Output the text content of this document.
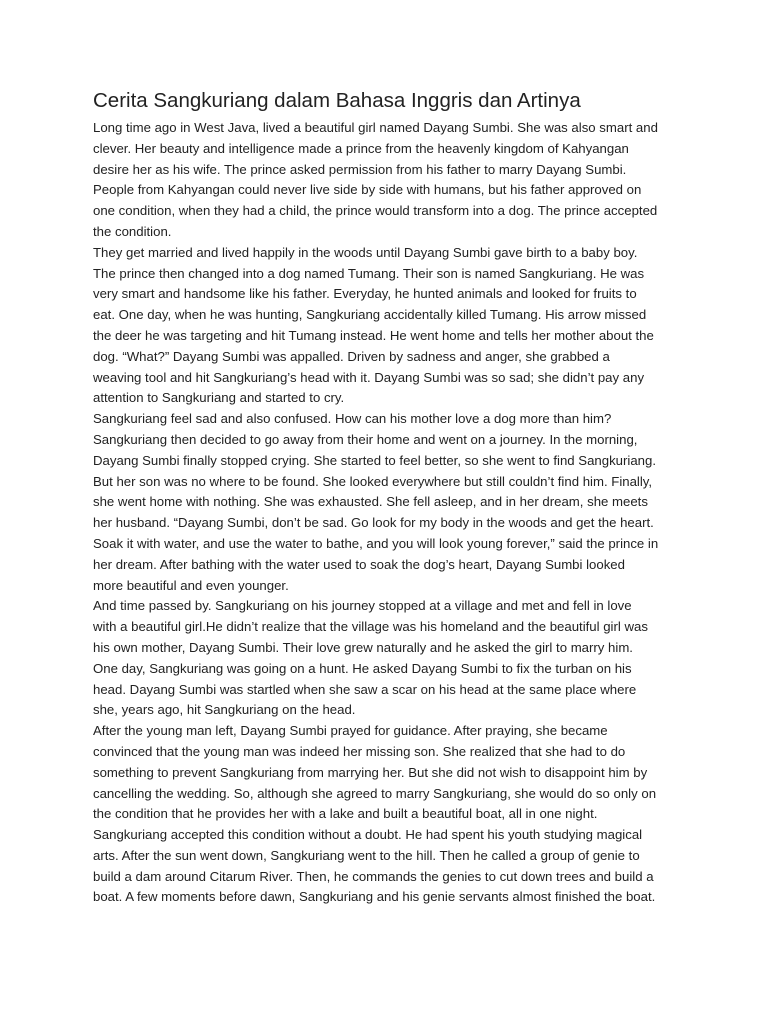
Cerita Sangkuriang dalam Bahasa Inggris dan Artinya
Long time ago in West Java, lived a beautiful girl named Dayang Sumbi. She was also smart and
clever. Her beauty and intelligence made a prince from the heavenly kingdom of Kahyangan
desire her as his wife. The prince asked permission from his father to marry Dayang Sumbi.
People from Kahyangan could never live side by side with humans, but his father approved on
one condition, when they had a child, the prince would transform into a dog. The prince accepted
the condition.
They get married and lived happily in the woods until Dayang Sumbi gave birth to a baby boy.
The prince then changed into a dog named Tumang. Their son is named Sangkuriang. He was
very smart and handsome like his father. Everyday, he hunted animals and looked for fruits to
eat. One day, when he was hunting, Sangkuriang accidentally killed Tumang. His arrow missed
the deer he was targeting and hit Tumang instead. He went home and tells her mother about the
dog. “What?” Dayang Sumbi was appalled. Driven by sadness and anger, she grabbed a
weaving tool and hit Sangkuriang’s head with it. Dayang Sumbi was so sad; she didn’t pay any
attention to Sangkuriang and started to cry.
Sangkuriang feel sad and also confused. How can his mother love a dog more than him?
Sangkuriang then decided to go away from their home and went on a journey. In the morning,
Dayang Sumbi finally stopped crying. She started to feel better, so she went to find Sangkuriang.
But her son was no where to be found. She looked everywhere but still couldn’t find him. Finally,
she went home with nothing. She was exhausted. She fell asleep, and in her dream, she meets
her husband. “Dayang Sumbi, don’t be sad. Go look for my body in the woods and get the heart.
Soak it with water, and use the water to bathe, and you will look young forever,” said the prince in
her dream. After bathing with the water used to soak the dog’s heart, Dayang Sumbi looked
more beautiful and even younger.
And time passed by. Sangkuriang on his journey stopped at a village and met and fell in love
with a beautiful girl.He didn’t realize that the village was his homeland and the beautiful girl was
his own mother, Dayang Sumbi. Their love grew naturally and he asked the girl to marry him.
One day, Sangkuriang was going on a hunt. He asked Dayang Sumbi to fix the turban on his
head. Dayang Sumbi was startled when she saw a scar on his head at the same place where
she, years ago, hit Sangkuriang on the head.
After the young man left, Dayang Sumbi prayed for guidance. After praying, she became
convinced that the young man was indeed her missing son. She realized that she had to do
something to prevent Sangkuriang from marrying her. But she did not wish to disappoint him by
cancelling the wedding. So, although she agreed to marry Sangkuriang, she would do so only on
the condition that he provides her with a lake and built a beautiful boat, all in one night.
Sangkuriang accepted this condition without a doubt. He had spent his youth studying magical
arts. After the sun went down, Sangkuriang went to the hill. Then he called a group of genie to
build a dam around Citarum River. Then, he commands the genies to cut down trees and build a
boat. A few moments before dawn, Sangkuriang and his genie servants almost finished the boat.
